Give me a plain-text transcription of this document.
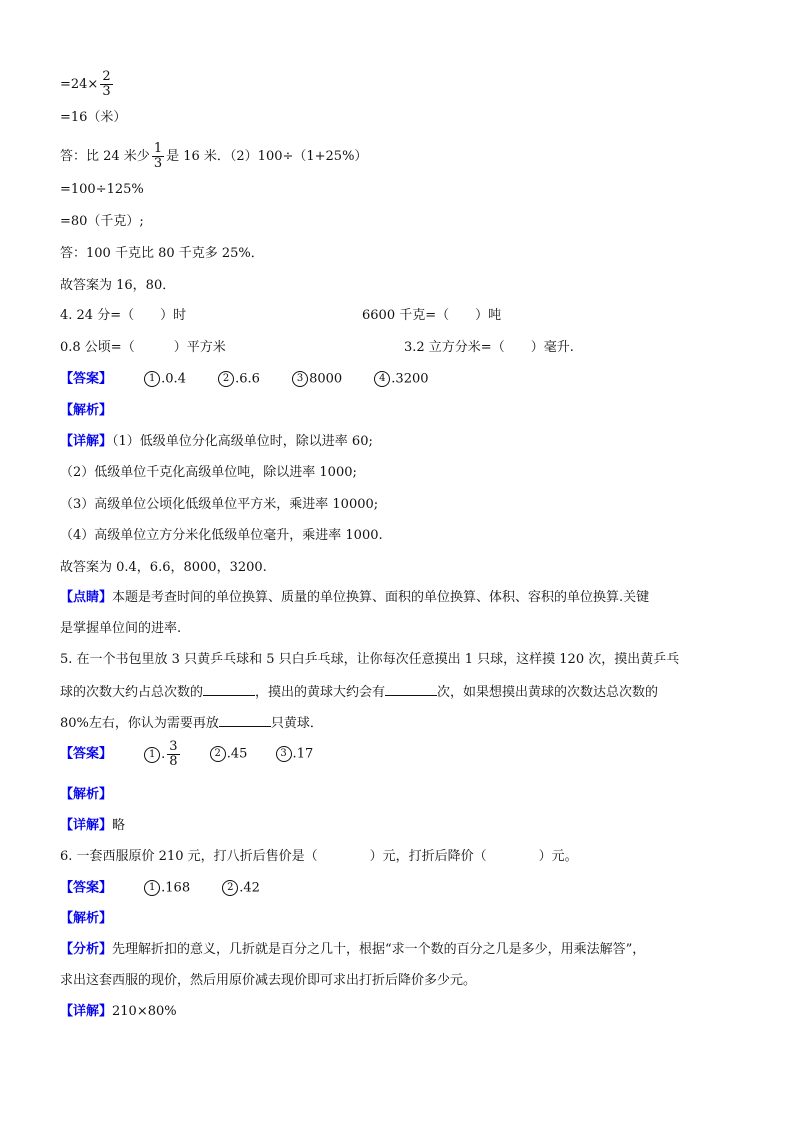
$=24\times \frac{2}{3}$
=16（米）
答：比 24 米少 $\frac{1}{3}$ 是 16 米．（2）100÷（1+25%）
=100÷125%
=80（千克）;
答：100 千克比 80 千克多 25%．
故答案为 16，80．
4. 24 分=（　　）时	6600 千克=（　　）吨
0.8 公顷=（　　　）平方米	3.2 立方分米=（　　）毫升.
【答案】	1 .0.4	2 .6.6	3 8000	4 .3200
【解析】
【详解】（1）低级单位分化高级单位时，除以进率 60;
（2）低级单位千克化高级单位吨，除以进率 1000;
（3）高级单位公顷化低级单位平方米，乘进率 10000;
（4）高级单位立方分米化低级单位毫升，乘进率 1000.
故答案为 0.4，6.6，8000，3200.
【点睛】本题是考查时间的单位换算、质量的单位换算、面积的单位换算、体积、容积的单位换算.关键
是掌握单位间的进率.
5. 在一个书包里放 3 只黄乒乓球和 5 只白乒乓球，让你每次任意摸出 1 只球，这样摸 120 次，摸出黄乒乓
球的次数大约占总次数的	，摸出的黄球大约会有	次，如果想摸出黄球的次数达总次数的
80%左右，你认为需要再放	只黄球．
【答案】	1 . $\frac{3}{8}$	2 .45	3 .17
【解析】
【详解】略
6. 一套西服原价 210 元，打八折后售价是（　　　　）元，打折后降价（　　　　）元。
【答案】	1 .168	2 .42
【解析】
【分析】先理解折扣的意义，几折就是百分之几十，根据“求一个数的百分之几是多少，用乘法解答”，
求出这套西服的现价，然后用原价减去现价即可求出打折后降价多少元。
【详解】210×80%
